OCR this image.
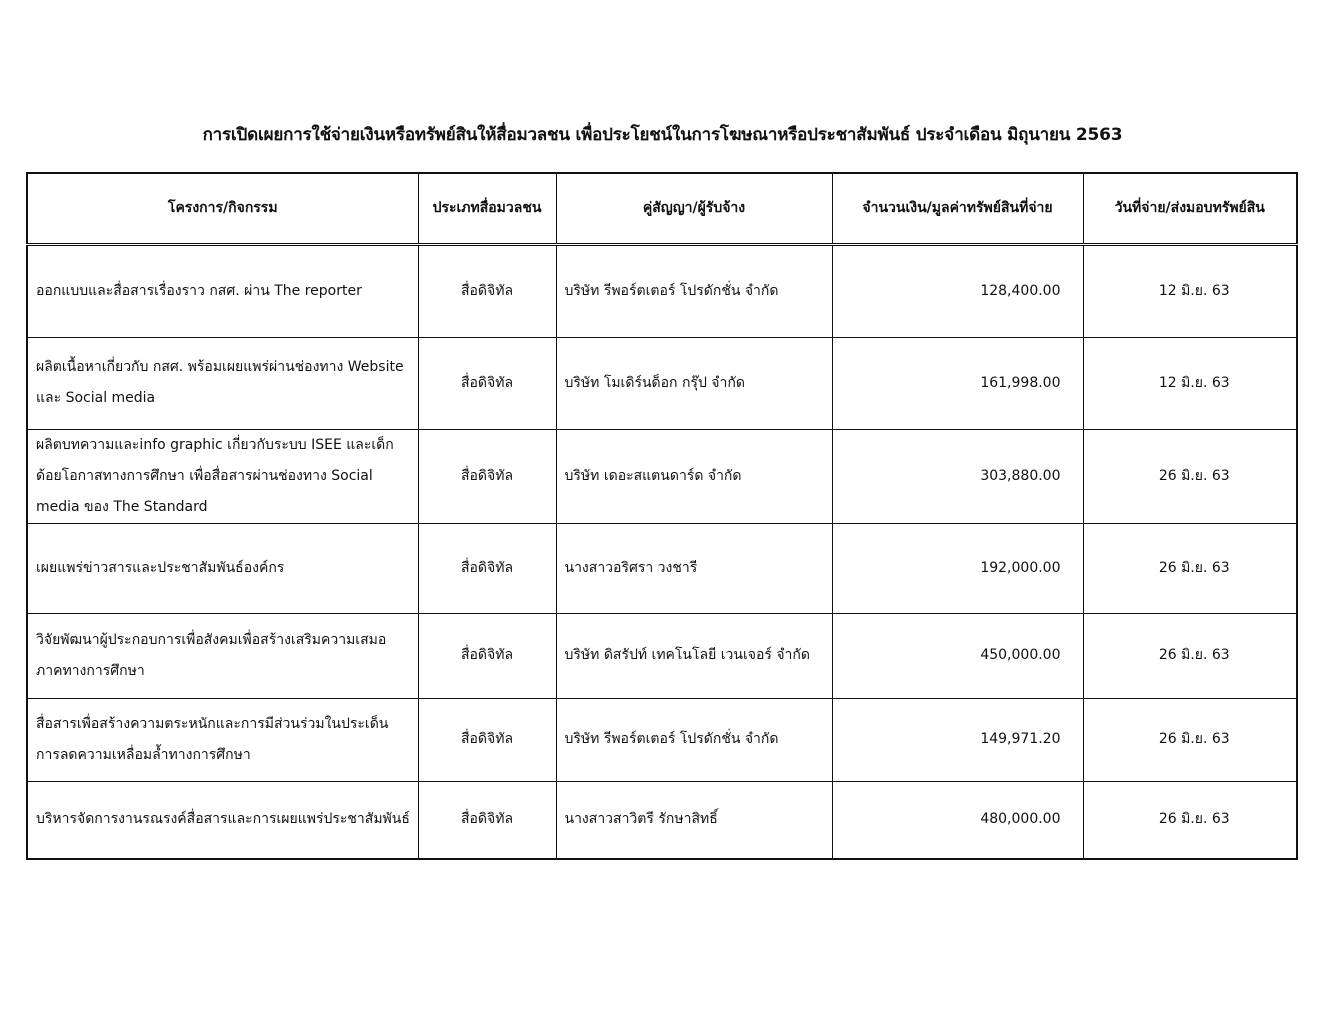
การเปิดเผยการใช้จ่ายเงินหรือทรัพย์สินให้สื่อมวลชน เพื่อประโยชน์ในการโฆษณาหรือประชาสัมพันธ์ ประจำเดือน มิถุนายน 2563
โครงการ/กิจกรรม	ประเภทสื่อมวลชน	คู่สัญญา/ผู้รับจ้าง	จำนวนเงิน/มูลค่าทรัพย์สินที่จ่าย	วันที่จ่าย/ส่งมอบทรัพย์สิน
ออกแบบและสื่อสารเรื่องราว กสศ. ผ่าน The reporter	สื่อดิจิทัล	บริษัท รีพอร์ตเตอร์ โปรดักชั่น จำกัด	128,400.00	12 มิ.ย. 63
ผลิตเนื้อหาเกี่ยวกับ กสศ. พร้อมเผยแพร่ผ่านช่องทาง Website และ Social media	สื่อดิจิทัล	บริษัท โมเดิร์นด็อก กรุ๊ป จำกัด	161,998.00	12 มิ.ย. 63
ผลิตบทความและinfo graphic เกี่ยวกับระบบ ISEE และเด็กด้อยโอกาสทางการศึกษา เพื่อสื่อสารผ่านช่องทาง Social media ของ The Standard	สื่อดิจิทัล	บริษัท เดอะสแตนดาร์ด จำกัด	303,880.00	26 มิ.ย. 63
เผยแพร่ข่าวสารและประชาสัมพันธ์องค์กร	สื่อดิจิทัล	นางสาวอริศรา วงชารี	192,000.00	26 มิ.ย. 63
วิจัยพัฒนาผู้ประกอบการเพื่อสังคมเพื่อสร้างเสริมความเสมอภาคทางการศึกษา	สื่อดิจิทัล	บริษัท ดิสรัปท์ เทคโนโลยี เวนเจอร์ จำกัด	450,000.00	26 มิ.ย. 63
สื่อสารเพื่อสร้างความตระหนักและการมีส่วนร่วมในประเด็นการลดความเหลื่อมล้ำทางการศึกษา	สื่อดิจิทัล	บริษัท รีพอร์ตเตอร์ โปรดักชั่น จำกัด	149,971.20	26 มิ.ย. 63
บริหารจัดการงานรณรงค์สื่อสารและการเผยแพร่ประชาสัมพันธ์	สื่อดิจิทัล	นางสาวสาวิตรี รักษาสิทธิ์	480,000.00	26 มิ.ย. 63
